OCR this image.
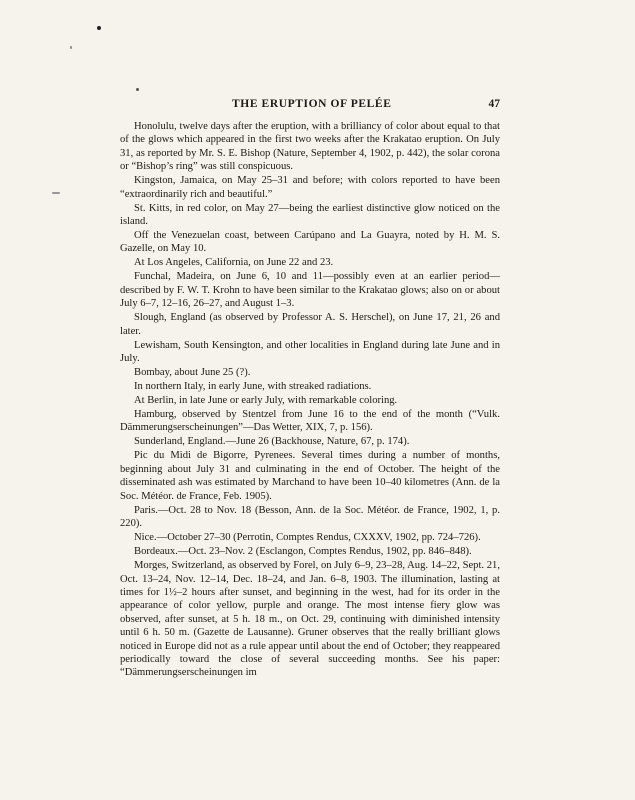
THE ERUPTION OF PELÉE	47

Honolulu, twelve days after the eruption, with a brilliancy of color about equal to that of the glows which appeared in the first two weeks after the Krakatao eruption. On July 31, as reported by Mr. S. E. Bishop (Nature, September 4, 1902, p. 442), the solar corona or “Bishop’s ring” was still conspicuous.

Kingston, Jamaica, on May 25–31 and before; with colors reported to have been “extraordinarily rich and beautiful.”

St. Kitts, in red color, on May 27—being the earliest distinctive glow noticed on the island.

Off the Venezuelan coast, between Carúpano and La Guayra, noted by H. M. S. Gazelle, on May 10.

At Los Angeles, California, on June 22 and 23.

Funchal, Madeira, on June 6, 10 and 11—possibly even at an earlier period—described by F. W. T. Krohn to have been similar to the Krakatao glows; also on or about July 6–7, 12–16, 26–27, and August 1–3.

Slough, England (as observed by Professor A. S. Herschel), on June 17, 21, 26 and later.

Lewisham, South Kensington, and other localities in England during late June and in July.

Bombay, about June 25 (?).

In northern Italy, in early June, with streaked radiations.

At Berlin, in late June or early July, with remarkable coloring.

Hamburg, observed by Stentzel from June 16 to the end of the month (“Vulk. Dämmerungserscheinungen”—Das Wetter, XIX, 7, p. 156).

Sunderland, England.—June 26 (Backhouse, Nature, 67, p. 174).

Pic du Midi de Bigorre, Pyrenees. Several times during a number of months, beginning about July 31 and culminating in the end of October. The height of the disseminated ash was estimated by Marchand to have been 10–40 kilometres (Ann. de la Soc. Météor. de France, Feb. 1905).

Paris.—Oct. 28 to Nov. 18 (Besson, Ann. de la Soc. Météor. de France, 1902, 1, p. 220).

Nice.—October 27–30 (Perrotin, Comptes Rendus, CXXXV, 1902, pp. 724–726).

Bordeaux.—Oct. 23–Nov. 2 (Esclangon, Comptes Rendus, 1902, pp. 846–848).

Morges, Switzerland, as observed by Forel, on July 6–9, 23–28, Aug. 14–22, Sept. 21, Oct. 13–24, Nov. 12–14, Dec. 18–24, and Jan. 6–8, 1903. The illumination, lasting at times for 1½–2 hours after sunset, and beginning in the west, had for its order in the appearance of color yellow, purple and orange. The most intense fiery glow was observed, after sunset, at 5 h. 18 m., on Oct. 29, continuing with diminished intensity until 6 h. 50 m. (Gazette de Lausanne). Gruner observes that the really brilliant glows noticed in Europe did not as a rule appear until about the end of October; they reappeared periodically toward the close of several succeeding months. See his paper: “Dämmerungserscheinungen im
